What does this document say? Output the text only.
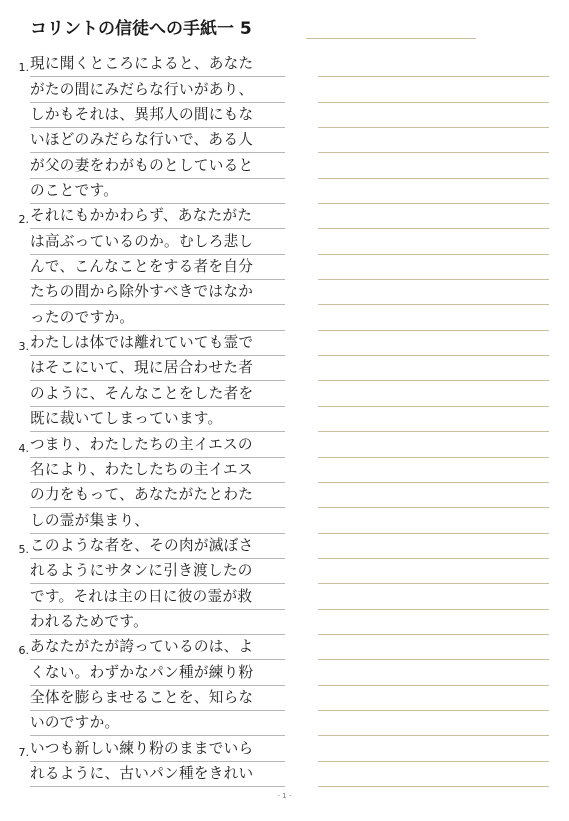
コリントの信徒への手紙一 5
1. 現に聞くところによると、あなた
がたの間にみだらな行いがあり、
しかもそれは、異邦人の間にもな
いほどのみだらな行いで、ある人
が父の妻をわがものとしていると
のことです。
2. それにもかかわらず、あなたがた
は高ぶっているのか。むしろ悲し
んで、こんなことをする者を自分
たちの間から除外すべきではなか
ったのですか。
3. わたしは体では離れていても霊で
はそこにいて、現に居合わせた者
のように、そんなことをした者を
既に裁いてしまっています。
4. つまり、わたしたちの主イエスの
名により、わたしたちの主イエス
の力をもって、あなたがたとわた
しの霊が集まり、
5. このような者を、その肉が滅ぼさ
れるようにサタンに引き渡したの
です。それは主の日に彼の霊が救
われるためです。
6. あなたがたが誇っているのは、よ
くない。わずかなパン種が練り粉
全体を膨らませることを、知らな
いのですか。
7. いつも新しい練り粉のままでいら
れるように、古いパン種をきれい
- 1 -
